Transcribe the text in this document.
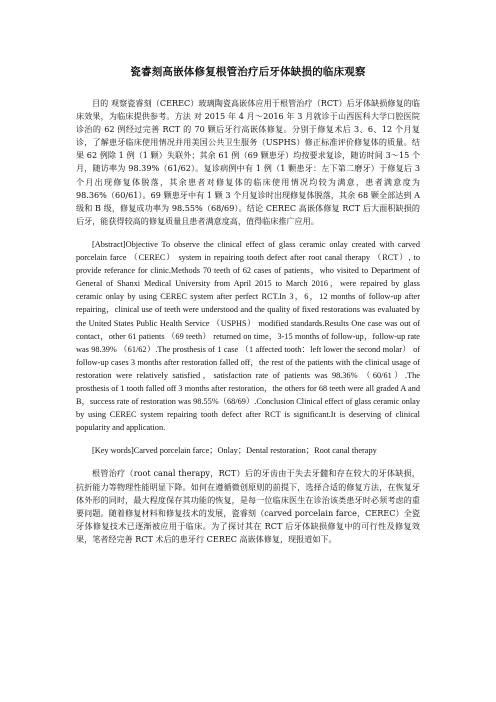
瓷睿刻高嵌体修复根管治疗后牙体缺损的临床观察

目的 观察瓷睿刻（CEREC）玻璃陶瓷高嵌体应用于根管治疗（RCT）后牙体缺损修复的临床效果，为临床提供参考。方法 对 2015 年 4 月～2016 年 3 月就诊于山西医科大学口腔医院诊治的 62 例经过完善 RCT 的 70 颗后牙行高嵌体修复。分别于修复术后 3、6、12 个月复诊，了解患牙临床使用情况并用美国公共卫生服务（USPHS）修正标准评价修复体的质量。结果 62 例除 1 例（1 颗）失联外；其余 61 例（69 颗患牙）均按要求复诊，随访时间 3～15 个月，随访率为 98.39%（61/62）。复诊病例中有 1 例（1 颗患牙：左下第二磨牙）于修复后 3 个月出现修复体脱落，其余患者对修复体的临床使用情况均较为满意，患者满意度为 98.36%（60/61）。69 颗患牙中有 1 颗 3 个月复诊时出现修复体脱落，其余 68 颗全部达到 A 级和 B 级，修复成功率为 98.55%（68/69）。结论 CEREC 高嵌体修复 RCT 后大面积缺损的后牙，能获得较高的修复质量且患者满意度高，值得临床推广应用。

[Abstract]Objective To observe the clinical effect of glass ceramic onlay created with carved porcelain farce （CEREC） system in repairing tooth defect after root canal therapy （RCT）, to provide referance for clinic.Methods 70 teeth of 62 cases of patients，who visited to Department of General of Shanxi Medical University from April 2015 to March 2016，were repaired by glass ceramic onlay by using CEREC system after perfect RCT.In 3，6，12 months of follow-up after repairing，clinical use of teeth were understood and the quality of fixed restorations was evaluated by the United States Public Health Service （USPHS） modified standards.Results One case was out of contact，other 61 patients （69 teeth） returned on time，3-15 months of follow-up，follow-up rate was 98.39% （61/62）.The prosthesis of 1 case （1 affected tooth：left lower the second molar） of follow-up cases 3 months after restoration falled off，the rest of the patients with the clinical usage of restoration were relatively satisfied，satisfaction rate of patients was 98.36% （60/61）.The prosthesis of 1 tooth falled off 3 months after restoration，the others for 68 teeth were all graded A and B，success rate of restoration was 98.55%（68/69）.Conclusion Clinical effect of glass ceramic onlay by using CEREC system repairing tooth defect after RCT is significant.It is deserving of clinical popularity and application.

[Key words]Carved porcelain farce；Onlay；Dental restoration；Root canal therapy

根管治疗（root canal therapy，RCT）后的牙齿由于失去牙髓和存在较大的牙体缺损，抗折能力等物理性能明显下降。如何在遵循微创原则的前提下，选择合适的修复方法，在恢复牙体外形的同时，最大程度保存其功能的恢复，是每一位临床医生在诊治该类患牙时必须考虑的重要问题。随着修复材料和修复技术的发展，瓷睿刻（carved porcelain farce，CEREC）全瓷牙体修复技术已逐渐被应用于临床。为了探讨其在 RCT 后牙体缺损修复中的可行性及修复效果，笔者经完善 RCT 术后的患牙行 CEREC 高嵌体修复，现报道如下。
